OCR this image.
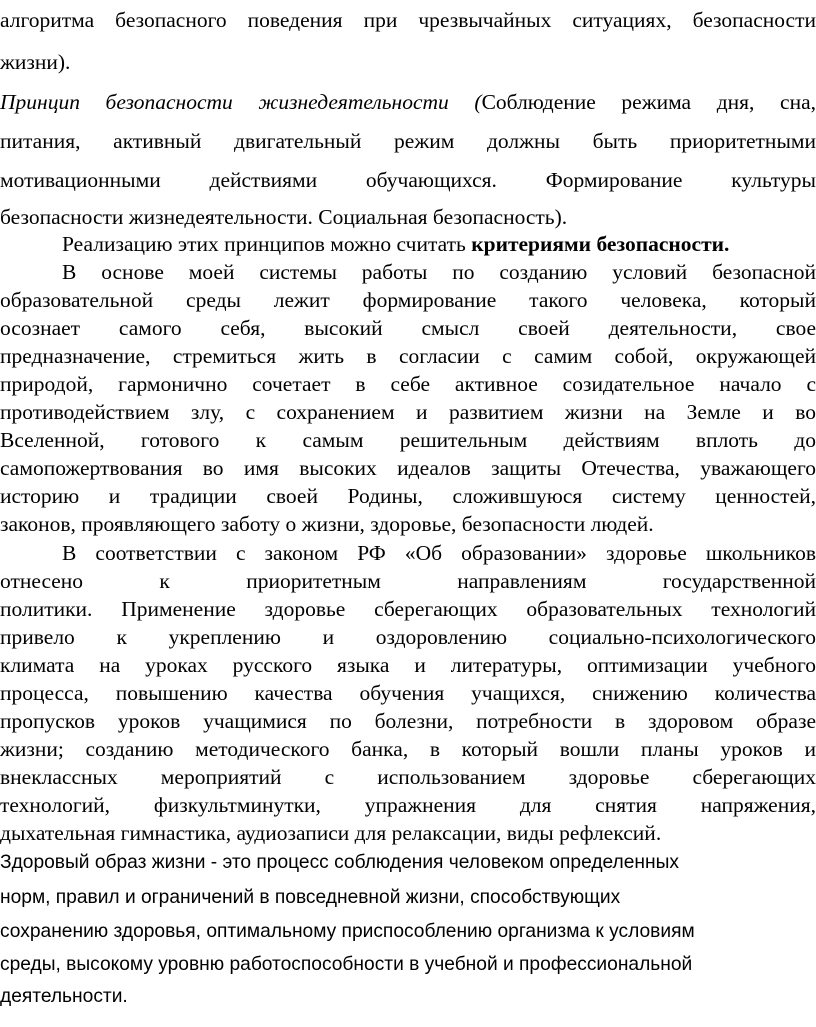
алгоритма безопасного поведения при чрезвычайных ситуациях, безопасности
жизни).
Принцип безопасности жизнедеятельности (Соблюдение режима дня, сна,
питания, активный двигательный режим должны быть приоритетными
мотивационными действиями обучающихся. Формирование культуры
безопасности жизнедеятельности. Социальная безопасность).
Реализацию этих принципов можно считать критериями безопасности.
В основе моей системы работы по созданию условий безопасной
образовательной среды лежит формирование такого человека, который
осознает самого себя, высокий смысл своей деятельности, свое
предназначение, стремиться жить в согласии с самим собой, окружающей
природой, гармонично сочетает в себе активное созидательное начало с
противодействием злу, с сохранением и развитием жизни на Земле и во
Вселенной, готового к самым решительным действиям вплоть до
самопожертвования во имя высоких идеалов защиты Отечества, уважающего
историю и традиции своей Родины, сложившуюся систему ценностей,
законов, проявляющего заботу о жизни, здоровье, безопасности людей.
В соответствии с законом РФ «Об образовании» здоровье школьников
отнесено к приоритетным направлениям государственной
политики. Применение здоровье сберегающих образовательных технологий
привело к укреплению и оздоровлению социально-психологического
климата на уроках русского языка и литературы, оптимизации учебного
процесса, повышению качества обучения учащихся, снижению количества
пропусков уроков учащимися по болезни, потребности в здоровом образе
жизни; созданию методического банка, в который вошли планы уроков и
внеклассных мероприятий с использованием здоровье сберегающих
технологий, физкультминутки, упражнения для снятия напряжения,
дыхательная гимнастика, аудиозаписи для релаксации, виды рефлексий.
Здоровый образ жизни - это процесс соблюдения человеком определенных
норм, правил и ограничений в повседневной жизни, способствующих
сохранению здоровья, оптимальному приспособлению организма к условиям
среды, высокому уровню работоспособности в учебной и профессиональной
деятельности.
